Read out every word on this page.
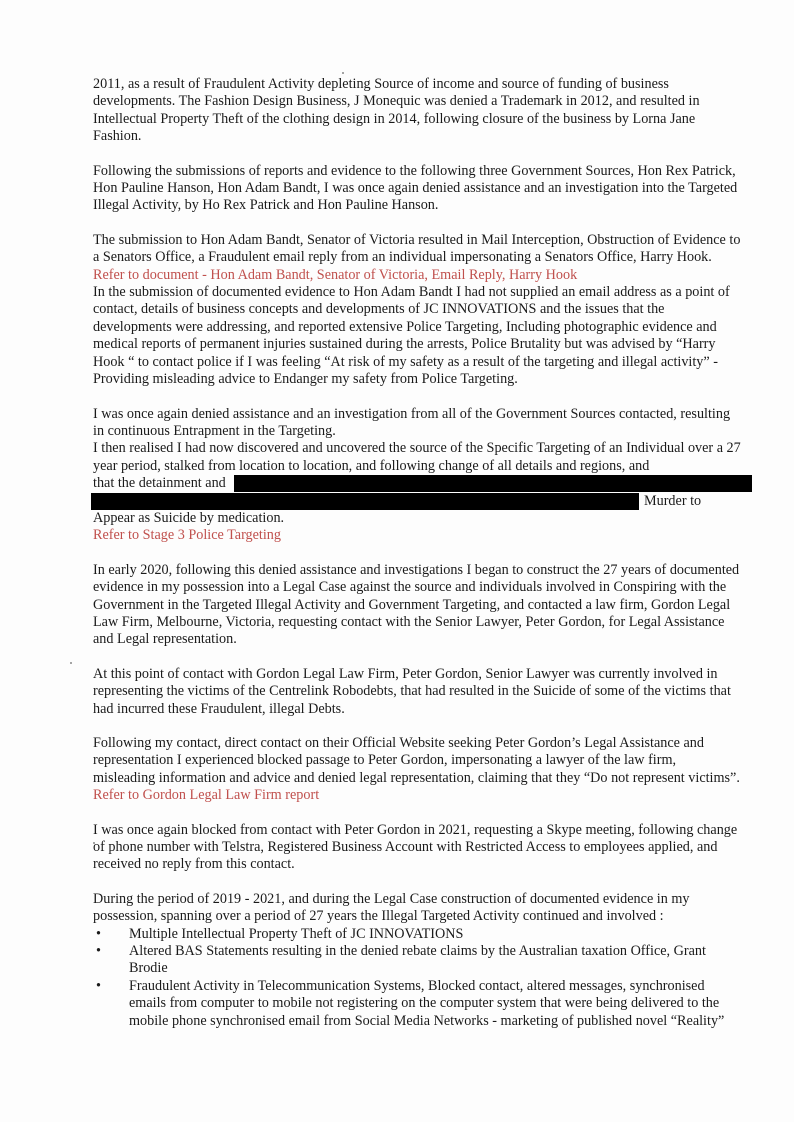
2011, as a result of Fraudulent Activity depleting Source of income and source of funding of business developments. The Fashion Design Business, J Monequic was denied a Trademark in 2012, and resulted in Intellectual Property Theft of the clothing design in 2014, following closure of the business by Lorna Jane Fashion.

Following the submissions of reports and evidence to the following three Government Sources, Hon Rex Patrick, Hon Pauline Hanson, Hon Adam Bandt, I was once again denied assistance and an investigation into the Targeted Illegal Activity, by Ho Rex Patrick and Hon Pauline Hanson.

The submission to Hon Adam Bandt, Senator of Victoria resulted in Mail Interception, Obstruction of Evidence to a Senators Office, a Fraudulent email reply from an individual impersonating a Senators Office, Harry Hook.

Refer to document - Hon Adam Bandt, Senator of Victoria, Email Reply, Harry Hook

In the submission of documented evidence to Hon Adam Bandt I had not supplied an email address as a point of contact, details of business concepts and developments of JC INNOVATIONS and the issues that the developments were addressing, and reported extensive Police Targeting, Including photographic evidence and medical reports of permanent injuries sustained during the arrests, Police Brutality but was advised by “Harry Hook “ to contact police if I was feeling “At risk of my safety as a result of the targeting and illegal activity” - Providing misleading advice to Endanger my safety from Police Targeting.

I was once again denied assistance and an investigation from all of the Government Sources contacted, resulting in continuous Entrapment in the Targeting.

I then realised I had now discovered and uncovered the source of the Specific Targeting of an Individual over a 27 year period, stalked from location to location, and following change of all details and regions, and

that the detainment and
Murder to

Appear as Suicide by medication.

Refer to Stage 3 Police Targeting

In early 2020, following this denied assistance and investigations I began to construct the 27 years of documented evidence in my possession into a Legal Case against the source and individuals involved in Conspiring with the Government in the Targeted Illegal Activity and Government Targeting, and contacted a law firm, Gordon Legal Law Firm, Melbourne, Victoria, requesting contact with the Senior Lawyer, Peter Gordon, for Legal Assistance and Legal representation.

At this point of contact with Gordon Legal Law Firm, Peter Gordon, Senior Lawyer was currently involved in representing the victims of the Centrelink Robodebts, that had resulted in the Suicide of some of the victims that had incurred these Fraudulent, illegal Debts.

Following my contact, direct contact on their Official Website seeking Peter Gordon’s Legal Assistance and representation I experienced blocked passage to Peter Gordon, impersonating a lawyer of the law firm, misleading information and advice and denied legal representation, claiming that they “Do not represent victims”.

Refer to Gordon Legal Law Firm report

I was once again blocked from contact with Peter Gordon in 2021, requesting a Skype meeting, following change of phone number with Telstra, Registered Business Account with Restricted Access to employees applied, and received no reply from this contact.

During the period of 2019 - 2021, and during the Legal Case construction of documented evidence in my possession, spanning over a period of 27 years the Illegal Targeted Activity continued and involved :

• Multiple Intellectual Property Theft of JC INNOVATIONS
• Altered BAS Statements resulting in the denied rebate claims by the Australian taxation Office, Grant Brodie
• Fraudulent Activity in Telecommunication Systems, Blocked contact, altered messages, synchronised emails from computer to mobile not registering on the computer system that were being delivered to the mobile phone synchronised email from Social Media Networks - marketing of published novel “Reality”
